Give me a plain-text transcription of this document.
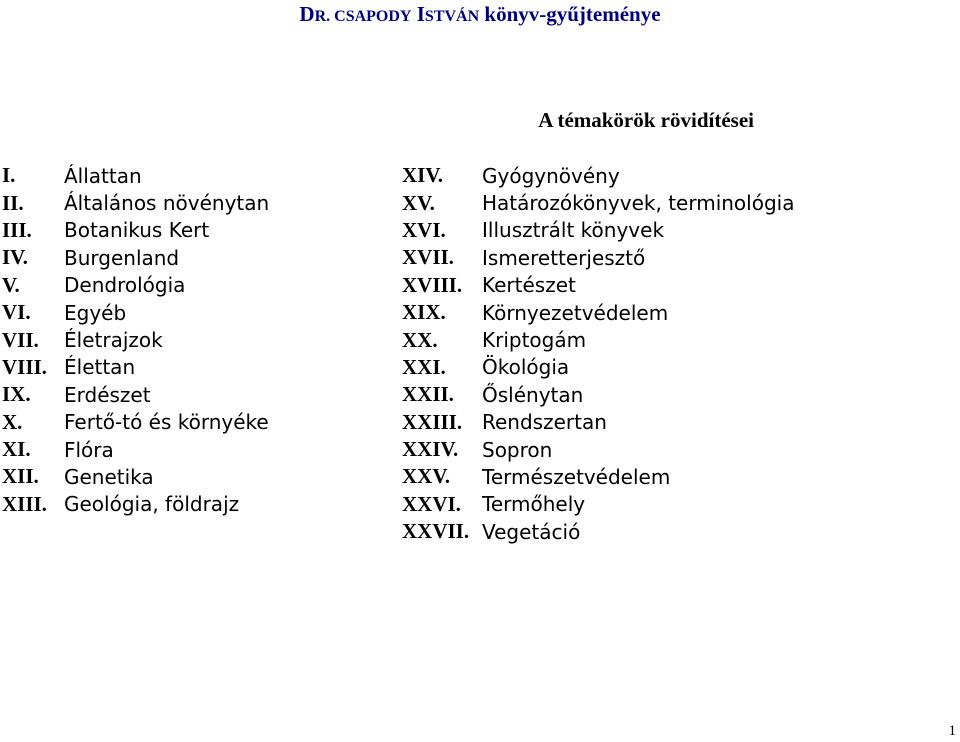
DR. CSAPODY ISTVÁN könyv-gyűjteménye
A témakörök rövidítései
I.	Állattan
II.	Általános növénytan
III.	Botanikus Kert
IV.	Burgenland
V.	Dendrológia
VI.	Egyéb
VII.	Életrajzok
VIII. Élettan
IX.	Erdészet
X.	Fertő-tó és környéke
XI.	Flóra
XII.	Genetika
XIII. Geológia, földrajz
XIV.	Gyógynövény
XV.	Határozókönyvek, terminológia
XVI.	Illusztrált könyvek
XVII.	Ismeretterjesztő
XVIII. Kertészet
XIX.	Környezetvédelem
XX.	Kriptogám
XXI.	Ökológia
XXII.	Őslénytan
XXIII. Rendszertan
XXIV.	Sopron
XXV.	Természetvédelem
XXVI.	Termőhely
XXVII. Vegetáció

1
